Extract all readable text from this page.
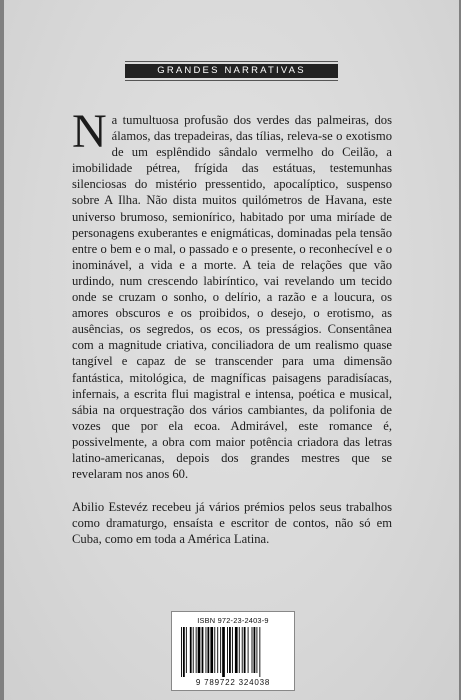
GRANDES NARRATIVAS

Na tumultuosa profusão dos verdes das palmeiras, dos álamos, das trepadeiras, das tílias, releva-se o exotismo de um esplêndido sândalo vermelho do Ceilão, a imobilidade pétrea, frígida das estátuas, testemunhas silenciosas do mistério pressentido, apocalíptico, suspenso sobre A Ilha. Não dista muitos quilómetros de Havana, este universo brumoso, semionírico, habitado por uma miríade de personagens exuberantes e enigmáticas, dominadas pela tensão entre o bem e o mal, o passado e o presente, o reconhecível e o inominável, a vida e a morte. A teia de relações que vão urdindo, num crescendo labiríntico, vai revelando um tecido onde se cruzam o sonho, o delírio, a razão e a loucura, os amores obscuros e os proibidos, o desejo, o erotismo, as ausências, os segredos, os ecos, os presságios. Consentânea com a magnitude criativa, conciliadora de um realismo quase tangível e capaz de se transcender para uma dimensão fantástica, mitológica, de magníficas paisagens paradisíacas, infernais, a escrita flui magistral e intensa, poética e musical, sábia na orquestração dos vários cambiantes, da polifonia de vozes que por ela ecoa. Admirável, este romance é, possivelmente, a obra com maior potência criadora das letras latino-americanas, depois dos grandes mestres que se revelaram nos anos 60.

Abilio Estevéz recebeu já vários prémios pelos seus trabalhos como dramaturgo, ensaísta e escritor de contos, não só em Cuba, como em toda a América Latina.

ISBN 972-23-2403-9
9 789722 324038
